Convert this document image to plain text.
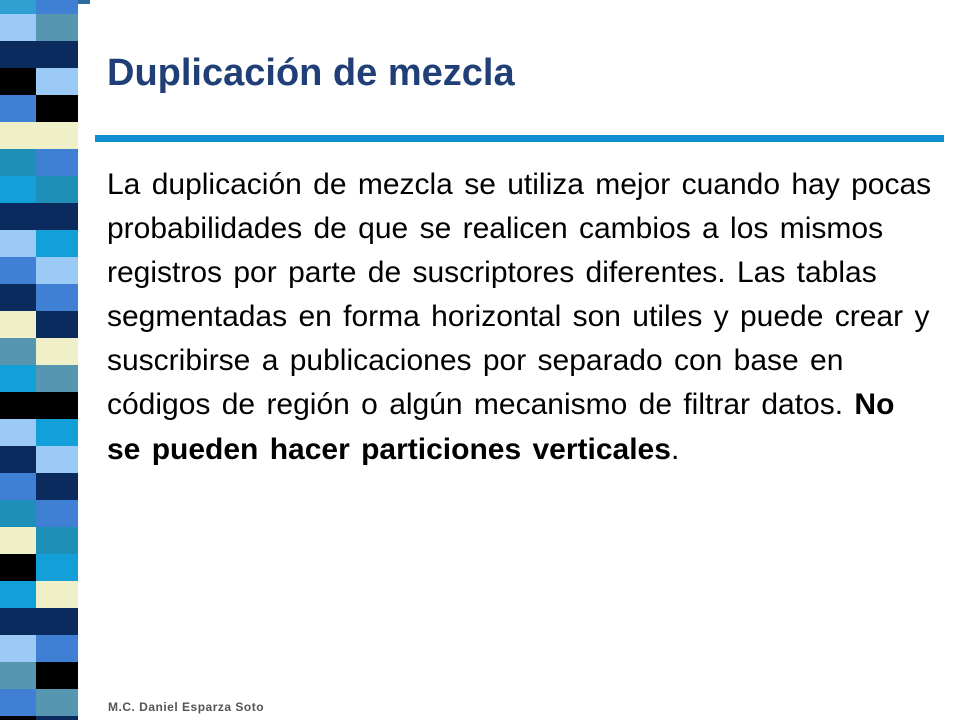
Duplicación de mezcla

La duplicación de mezcla se utiliza mejor cuando hay pocas probabilidades de que se realicen cambios a los mismos registros por parte de suscriptores diferentes. Las tablas segmentadas en forma horizontal son utiles y puede crear y suscribirse a publicaciones por separado con base en códigos de región o algún mecanismo de filtrar datos. No se pueden hacer particiones verticales.

M.C. Daniel Esparza Soto
